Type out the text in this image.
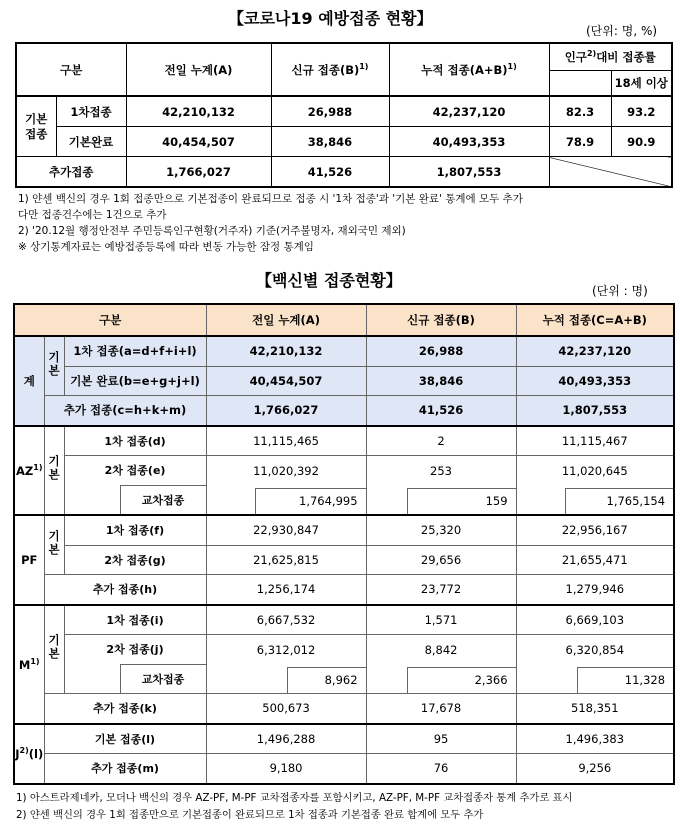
【코로나19 예방접종 현황】
(단위: 명, %)
구분		전일 누계(A)	신규 접종$(B)^{1)}$	누적 접종$(A+B)^{1)}$	인구$^{2)}$대비 접종률	
						18세 이상
기본접종	1차접종	42,210,132	26,988	42,237,120	82.3	93.2
	기본완료	40,454,507	38,846	40,493,353	78.9	90.9
추가접종		1,766,027	41,526	1,807,553		
1) 얀센 백신의 경우 1회 접종만으로 기본접종이 완료되므로 접종 시 '1차 접종'과 '기본 완료' 통계에 모두 추가
다만 접종건수에는 1건으로 추가
2) '20.12월 행정안전부 주민등록인구현황(거주자) 기준(거주불명자, 재외국민 제외)
※ 상기통계자료는 예방접종등록에 따라 변동 가능한 잠정 통계임
【백신별 접종현황】
(단위 : 명)
구분				전일 누계(A)	신규 접종(B)	누적 접종(C=A+B)
계	기본	1차 접종(a=d+f+i+l)		42,210,132	26,988	42,237,120
		기본 완료(b=e+g+j+l)		40,454,507	38,846	40,493,353
	추가 접종(c=h+k+m)			1,766,027	41,526	1,807,553
AZ$^{1)}$	기본	1차 접종(d)		11,115,465	2	11,115,467
		2차 접종(e)		11,020,392	253	11,020,645
			교차접종	1,764,995	159	1,765,154

PF	기본	1차 접종(f)		22,930,847	25,320	22,956,167
		2차 접종(g)		21,625,815	29,656	21,655,471
	추가 접종(h)			1,256,174	23,772	1,279,946
$M^{1)}$	기본	1차 접종(i)		6,667,532	1,571	6,669,103
		2차 접종(j)		6,312,012	8,842	6,320,854
			교차접종	8,962	2,366	11,328

	추가 접종(k)			500,673	17,678	518,351
$J^{2)}(l)$	기본 접종(l)			1,496,288	95	1,496,383
	추가 접종(m)			9,180	76	9,256
1) 아스트라제네카, 모더나 백신의 경우 AZ-PF, M-PF 교차접종자를 포함시키고, AZ-PF, M-PF 교차접종자 통계 추가로 표시
2) 얀센 백신의 경우 1회 접종만으로 기본접종이 완료되므로 1차 접종과 기본접종 완료 합계에 모두 추가
